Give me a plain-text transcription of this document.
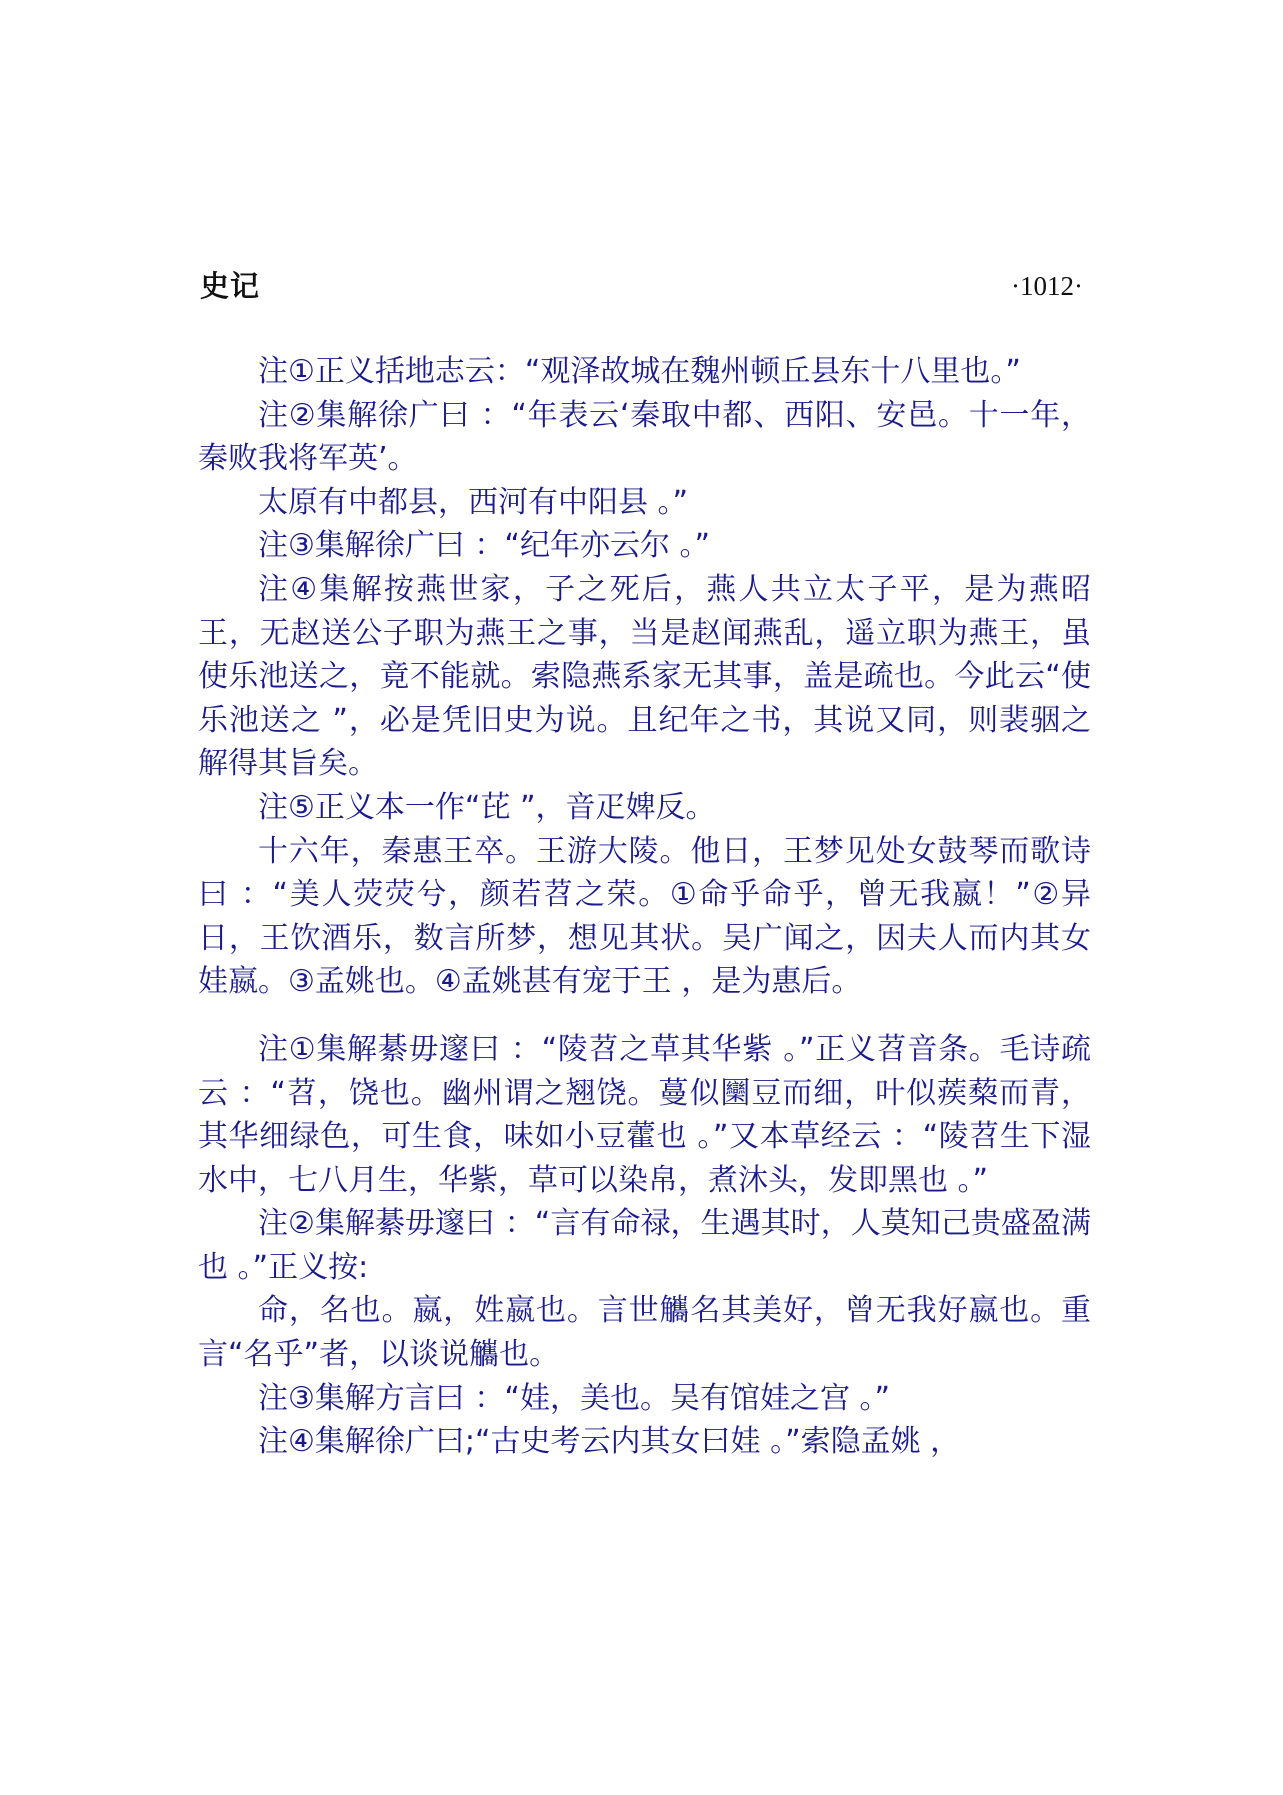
史记	·1012·

注①正义括地志云：“观泽故城在魏州顿丘县东十八里也。”

注②集解徐广曰 ：“年表云‘秦取中都、西阳、安邑。十一年，秦败我将军英’。

太原有中都县，西河有中阳县 。”

注③集解徐广曰 ：“纪年亦云尔 。”

注④集解按燕世家，子之死后，燕人共立太子平，是为燕昭王，无赵送公子职为燕王之事，当是赵闻燕乱，遥立职为燕王，虽使乐池送之，竟不能就。索隐燕系家无其事，盖是疏也。今此云“使乐池送之 ”，必是凭旧史为说。且纪年之书，其说又同，则裴骃之解得其旨矣。

注⑤正义本一作“芘 ”，音疋婢反。

十六年，秦惠王卒。王游大陵。他日，王梦见处女鼓琴而歌诗曰 ：“美人荧荧兮，颜若苕之荣。①命乎命乎，曾无我嬴！”②异日，王饮酒乐，数言所梦，想见其状。吴广闻之，因夫人而内其女娃嬴。③孟姚也。④孟姚甚有宠于王 ，是为惠后。

注①集解綦毋邃曰 ：“陵苕之草其华紫 。”正义苕音条。毛诗疏云 ：“苕，饶也。幽州谓之翘饶。蔓似圞豆而细，叶似蒺蔾而青，其华细绿色，可生食，味如小豆藿也 。”又本草经云 ：“陵苕生下湿水中，七八月生，华紫，草可以染帛，煮沐头，发即黑也 。”

注②集解綦毋邃曰 ：“言有命禄，生遇其时，人莫知己贵盛盈满也 。”正义按:

命，名也。嬴，姓嬴也。言世觿名其美好，曾无我好嬴也。重言“名乎”者，以谈说觿也。

注③集解方言曰 ：“娃，美也。吴有馆娃之宫 。”

注④集解徐广曰;“古史考云内其女曰娃 。”索隐孟姚 ，
